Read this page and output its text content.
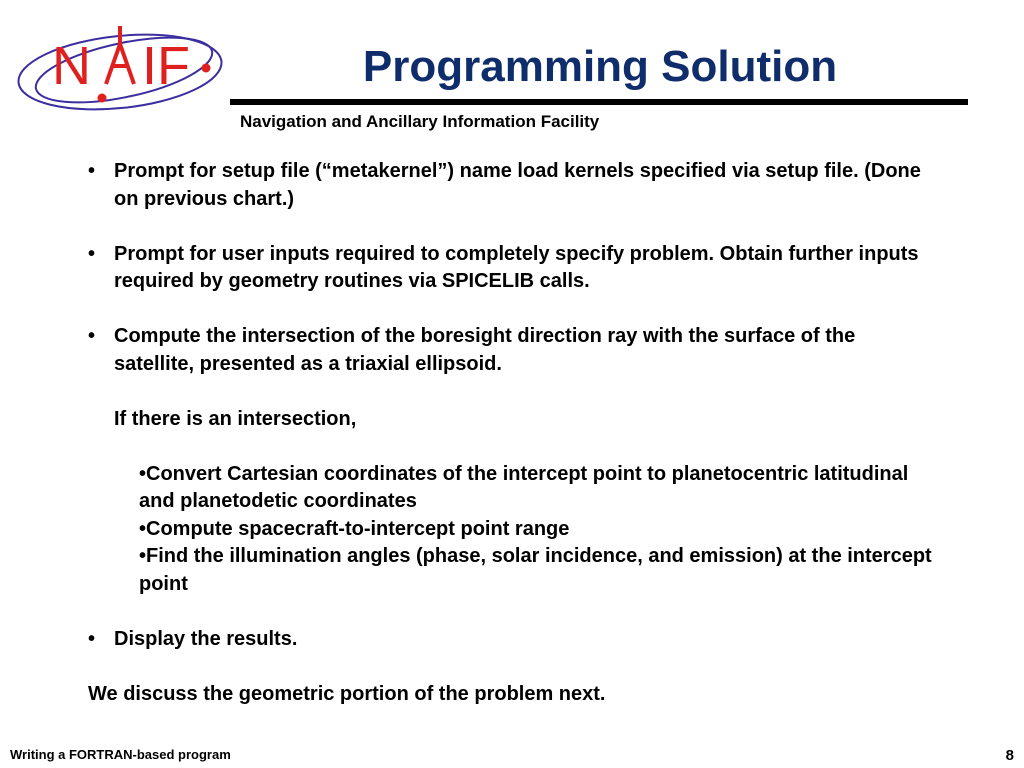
N IF	Programming Solution
Navigation and Ancillary Information Facility
• Prompt for setup file (“metakernel”) name load kernels specified via setup file. (Done on previous chart.)
• Prompt for user inputs required to completely specify problem. Obtain further inputs required by geometry routines via SPICELIB calls.
• Compute the intersection of the boresight direction ray with the surface of the satellite, presented as a triaxial ellipsoid.
If there is an intersection,
•Convert Cartesian coordinates of the intercept point to planetocentric latitudinal and planetodetic coordinates
•Compute spacecraft-to-intercept point range
•Find the illumination angles (phase, solar incidence, and emission) at the intercept point
• Display the results.
We discuss the geometric portion of the problem next.
Writing a FORTRAN-based program	8
